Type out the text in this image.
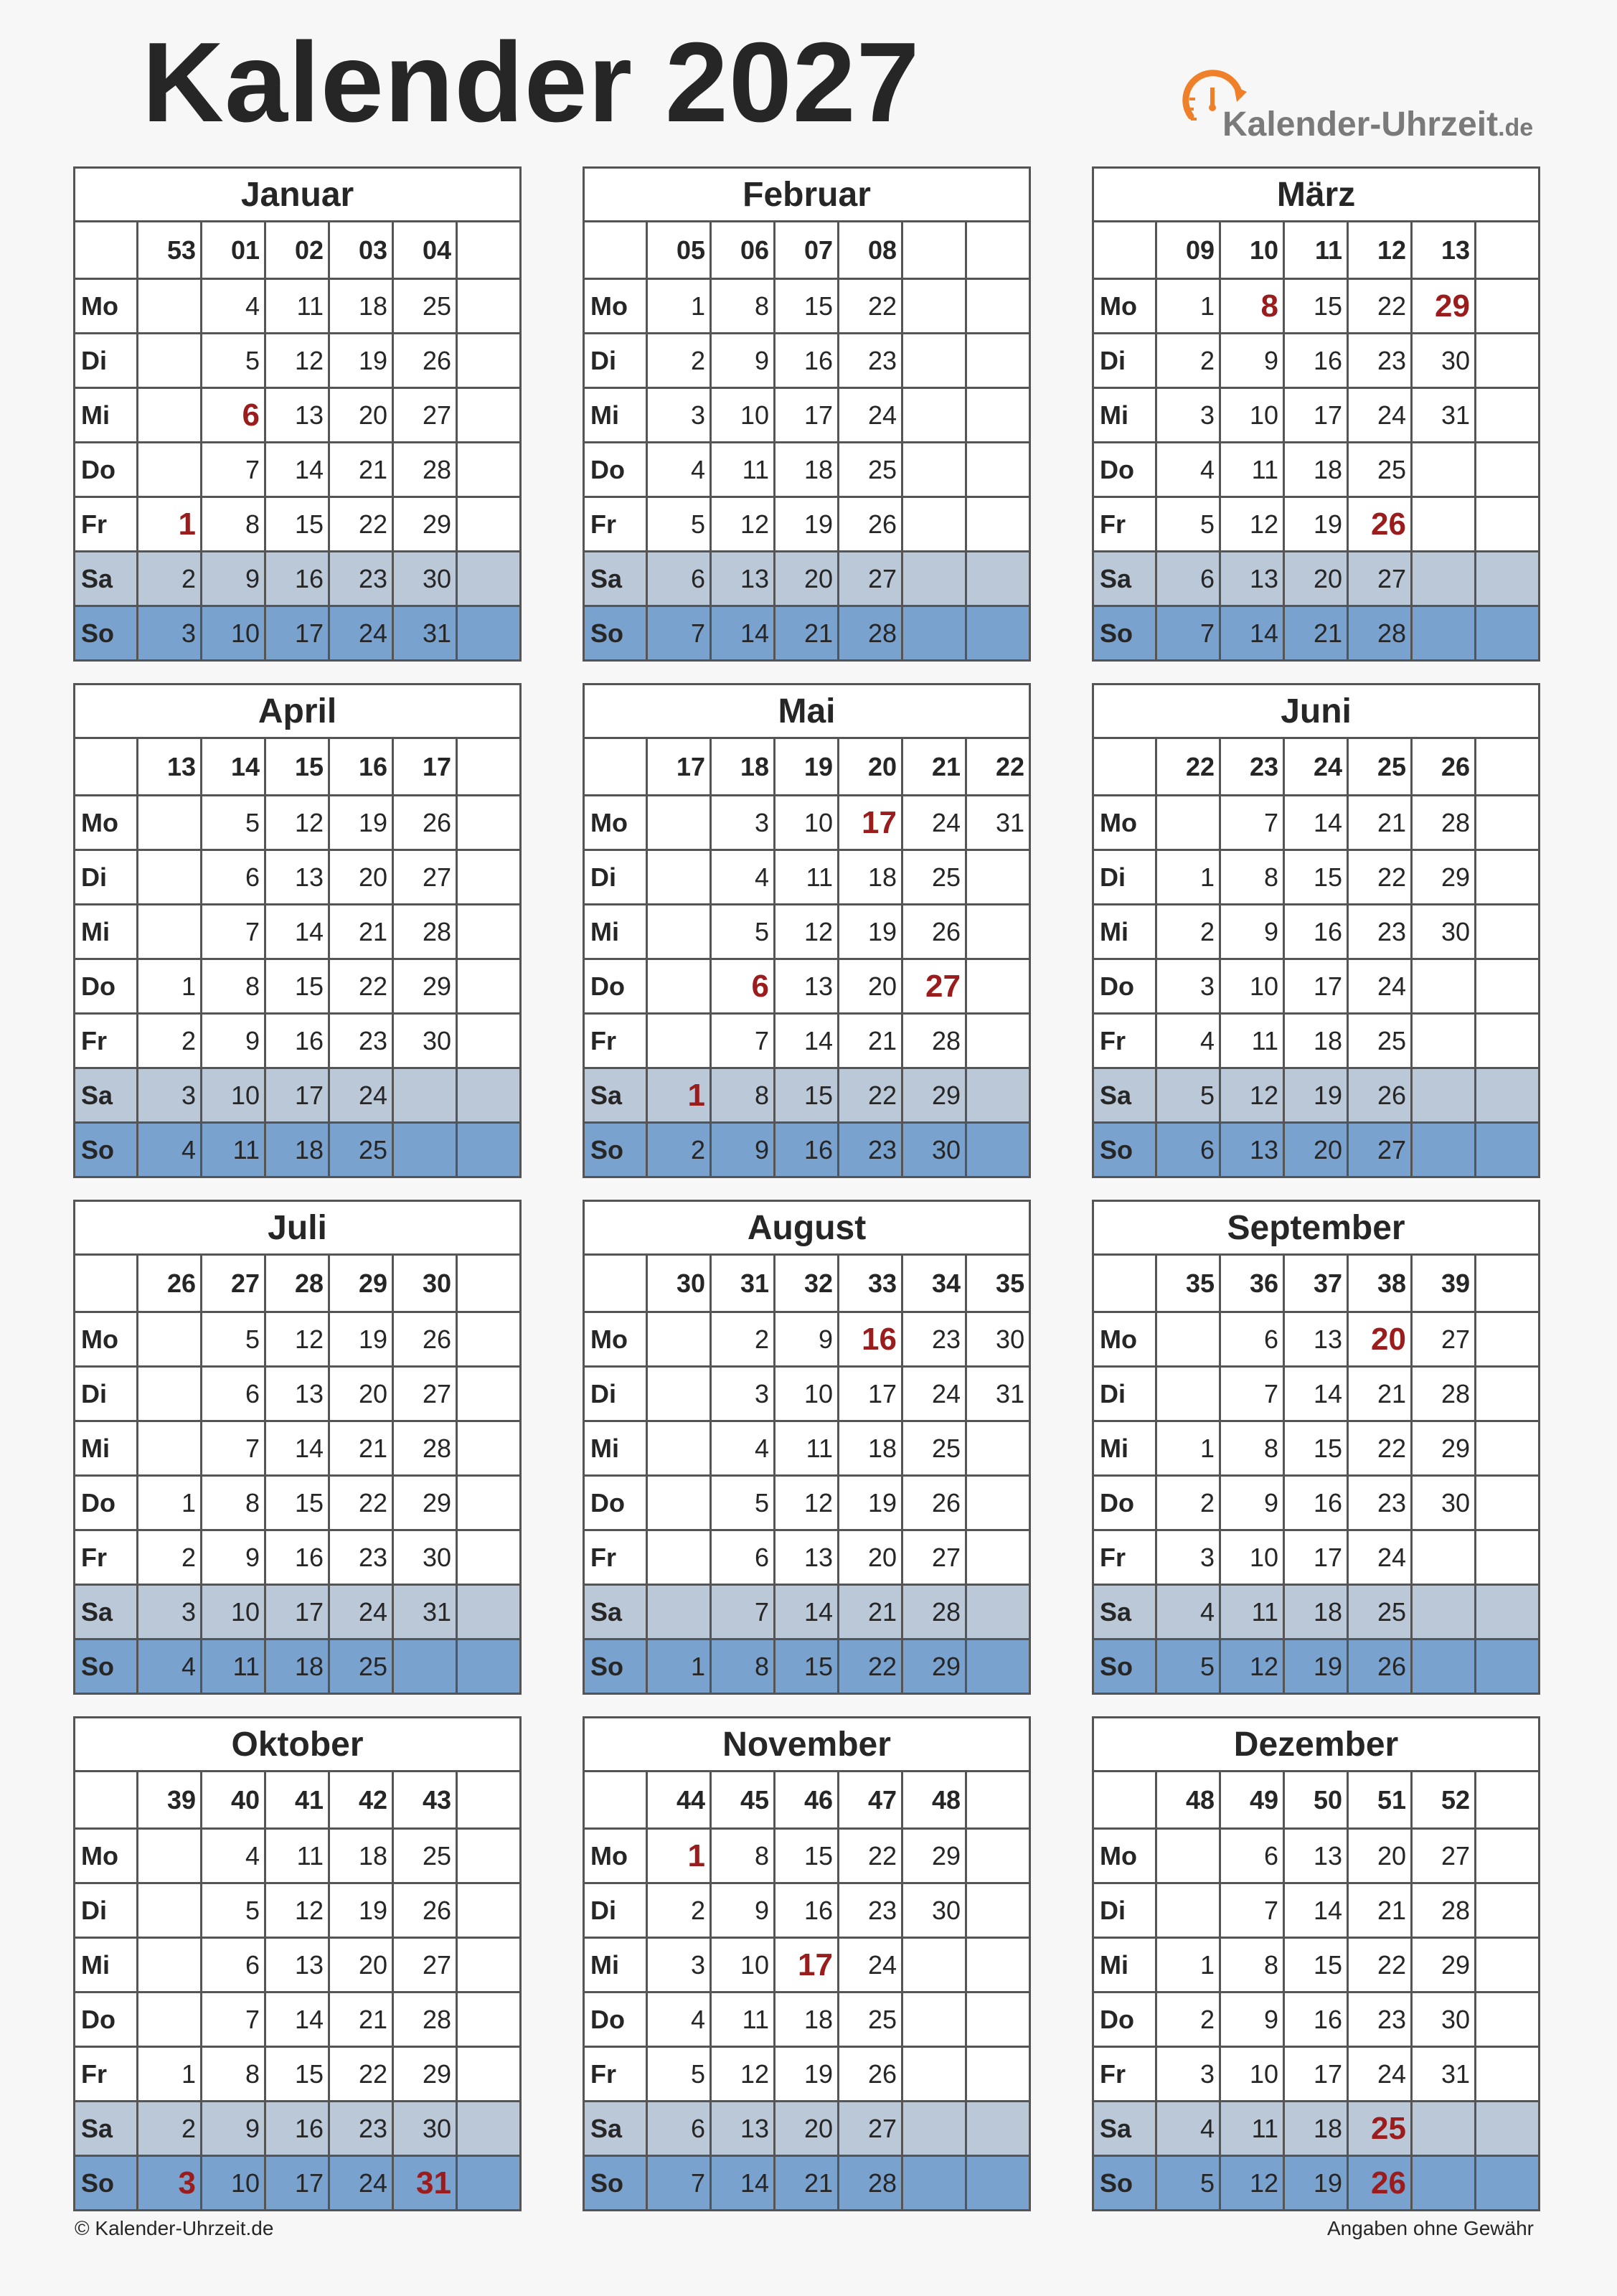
Kalender 2027	Kalender-Uhrzeit.de
Januar						
	53	01	02	03	04	
Mo		4	11	18	25	
Di		5	12	19	26	
Mi		6	13	20	27	
Do		7	14	21	28	
Fr	1	8	15	22	29	
Sa	2	9	16	23	30	
So	3	10	17	24	31	
Februar						
	05	06	07	08		
Mo	1	8	15	22		
Di	2	9	16	23		
Mi	3	10	17	24		
Do	4	11	18	25		
Fr	5	12	19	26		
Sa	6	13	20	27		
So	7	14	21	28		
März						
	09	10	11	12	13	
Mo	1	8	15	22	29	
Di	2	9	16	23	30	
Mi	3	10	17	24	31	
Do	4	11	18	25		
Fr	5	12	19	26		
Sa	6	13	20	27		
So	7	14	21	28		
April						
	13	14	15	16	17	
Mo		5	12	19	26	
Di		6	13	20	27	
Mi		7	14	21	28	
Do	1	8	15	22	29	
Fr	2	9	16	23	30	
Sa	3	10	17	24		
So	4	11	18	25		
Mai						
	17	18	19	20	21	22
Mo		3	10	17	24	31
Di		4	11	18	25	
Mi		5	12	19	26	
Do		6	13	20	27	
Fr		7	14	21	28	
Sa	1	8	15	22	29	
So	2	9	16	23	30	
Juni						
	22	23	24	25	26	
Mo		7	14	21	28	
Di	1	8	15	22	29	
Mi	2	9	16	23	30	
Do	3	10	17	24		
Fr	4	11	18	25		
Sa	5	12	19	26		
So	6	13	20	27		
Juli						
	26	27	28	29	30	
Mo		5	12	19	26	
Di		6	13	20	27	
Mi		7	14	21	28	
Do	1	8	15	22	29	
Fr	2	9	16	23	30	
Sa	3	10	17	24	31	
So	4	11	18	25		
August						
	30	31	32	33	34	35
Mo		2	9	16	23	30
Di		3	10	17	24	31
Mi		4	11	18	25	
Do		5	12	19	26	
Fr		6	13	20	27	
Sa		7	14	21	28	
So	1	8	15	22	29	
September						
	35	36	37	38	39	
Mo		6	13	20	27	
Di		7	14	21	28	
Mi	1	8	15	22	29	
Do	2	9	16	23	30	
Fr	3	10	17	24		
Sa	4	11	18	25		
So	5	12	19	26		
Oktober						
	39	40	41	42	43	
Mo		4	11	18	25	
Di		5	12	19	26	
Mi		6	13	20	27	
Do		7	14	21	28	
Fr	1	8	15	22	29	
Sa	2	9	16	23	30	
So	3	10	17	24	31	
November						
	44	45	46	47	48	
Mo	1	8	15	22	29	
Di	2	9	16	23	30	
Mi	3	10	17	24		
Do	4	11	18	25		
Fr	5	12	19	26		
Sa	6	13	20	27		
So	7	14	21	28		
Dezember						
	48	49	50	51	52	
Mo		6	13	20	27	
Di		7	14	21	28	
Mi	1	8	15	22	29	
Do	2	9	16	23	30	
Fr	3	10	17	24	31	
Sa	4	11	18	25		
So	5	12	19	26		
© Kalender-Uhrzeit.de	Angaben ohne Gewähr
